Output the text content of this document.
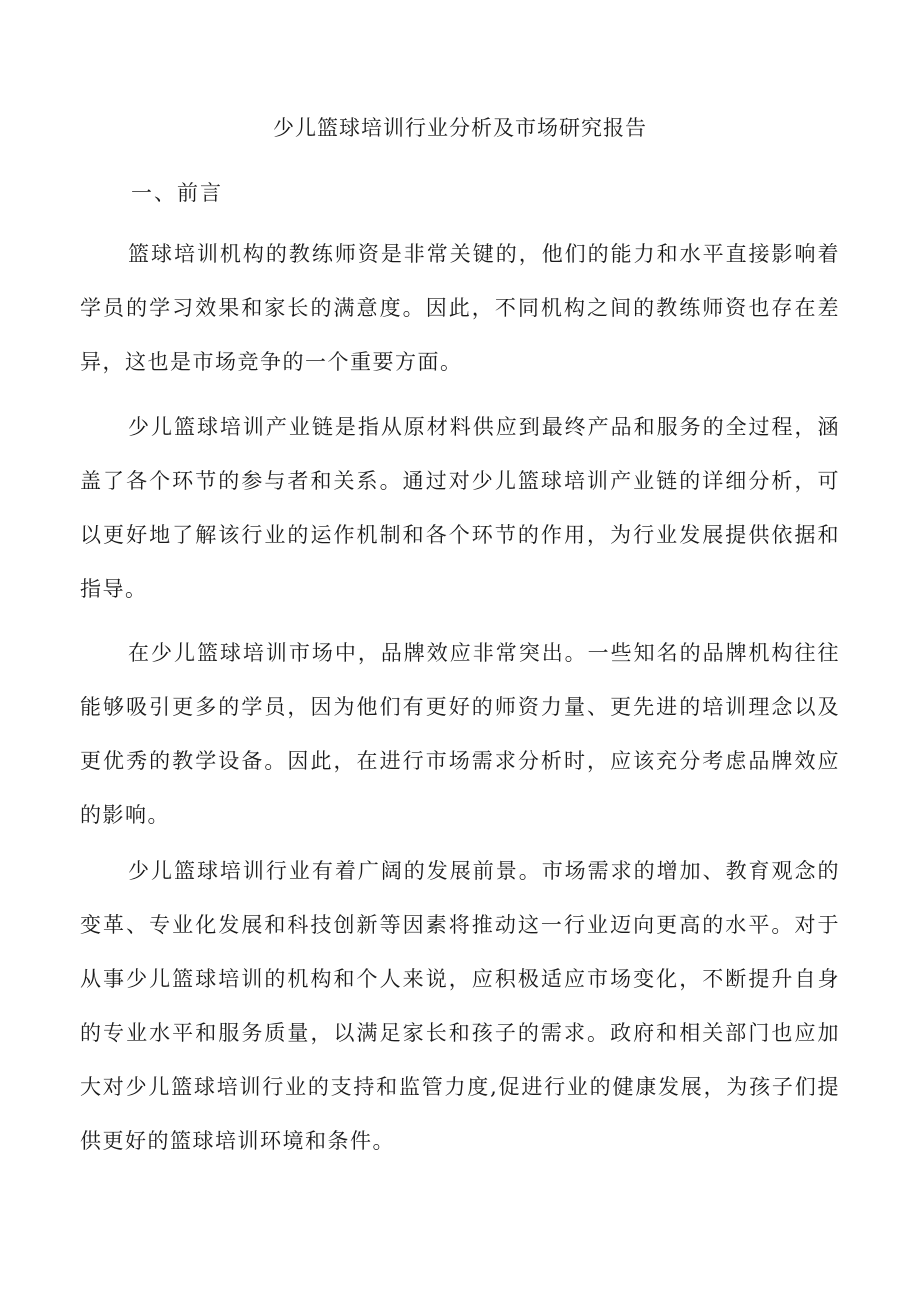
少儿篮球培训行业分析及市场研究报告
一、前言

篮球培训机构的教练师资是非常关键的，他们的能力和水平直接影响着学员的学习效果和家长的满意度。因此，不同机构之间的教练师资也存在差异，这也是市场竞争的一个重要方面。

少儿篮球培训产业链是指从原材料供应到最终产品和服务的全过程，涵盖了各个环节的参与者和关系。通过对少儿篮球培训产业链的详细分析，可以更好地了解该行业的运作机制和各个环节的作用，为行业发展提供依据和指导。

在少儿篮球培训市场中，品牌效应非常突出。一些知名的品牌机构往往能够吸引更多的学员，因为他们有更好的师资力量、更先进的培训理念以及更优秀的教学设备。因此，在进行市场需求分析时，应该充分考虑品牌效应的影响。

少儿篮球培训行业有着广阔的发展前景。市场需求的增加、教育观念的变革、专业化发展和科技创新等因素将推动这一行业迈向更高的水平。对于从事少儿篮球培训的机构和个人来说，应积极适应市场变化，不断提升自身的专业水平和服务质量，以满足家长和孩子的需求。政府和相关部门也应加大对少儿篮球培训行业的支持和监管力度,促进行业的健康发展，为孩子们提供更好的篮球培训环境和条件。
